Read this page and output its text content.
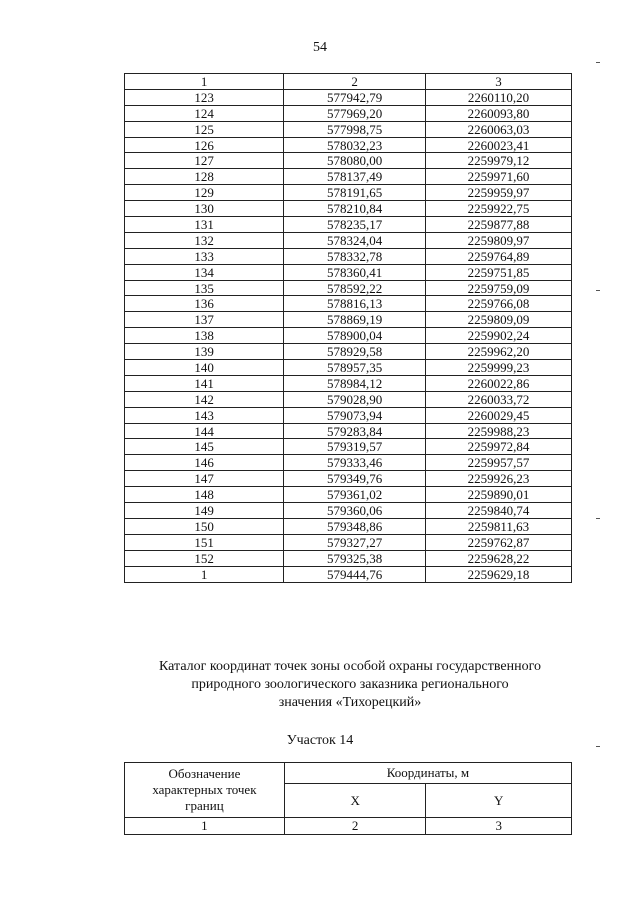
54
1	2	3
123	577942,79	2260110,20
124	577969,20	2260093,80
125	577998,75	2260063,03
126	578032,23	2260023,41
127	578080,00	2259979,12
128	578137,49	2259971,60
129	578191,65	2259959,97
130	578210,84	2259922,75
131	578235,17	2259877,88
132	578324,04	2259809,97
133	578332,78	2259764,89
134	578360,41	2259751,85
135	578592,22	2259759,09
136	578816,13	2259766,08
137	578869,19	2259809,09
138	578900,04	2259902,24
139	578929,58	2259962,20
140	578957,35	2259999,23
141	578984,12	2260022,86
142	579028,90	2260033,72
143	579073,94	2260029,45
144	579283,84	2259988,23
145	579319,57	2259972,84
146	579333,46	2259957,57
147	579349,76	2259926,23
148	579361,02	2259890,01
149	579360,06	2259840,74
150	579348,86	2259811,63
151	579327,27	2259762,87
152	579325,38	2259628,22
1	579444,76	2259629,18
Каталог координат точек зоны особой охраны государственного
природного зоологического заказника регионального
значения «Тихорецкий»
Участок 14
Обозначение
характерных точек
границ	Координаты, м	
	X	Y
1	2	3
